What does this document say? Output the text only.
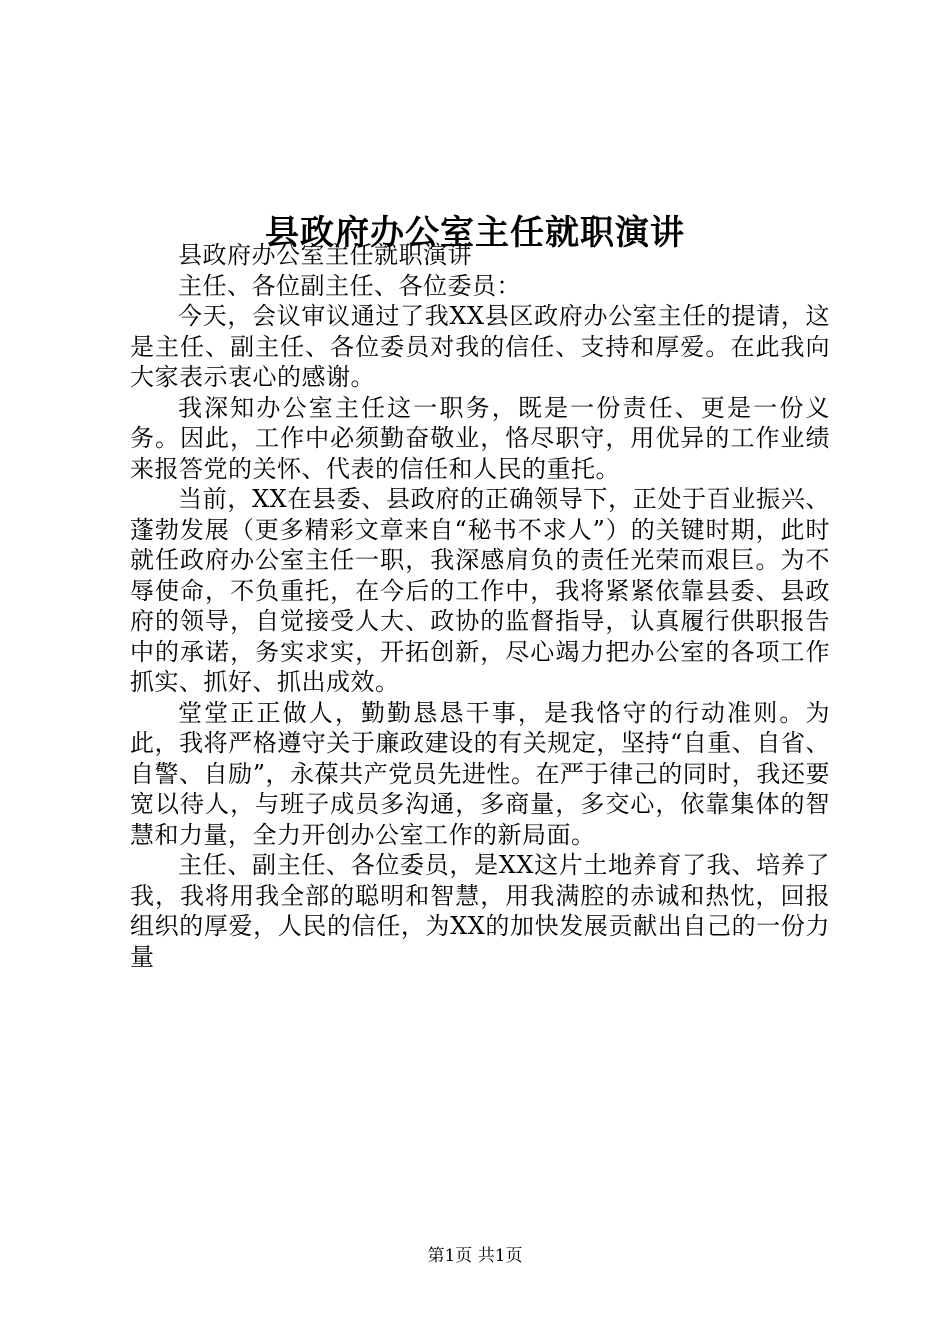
县政府办公室主任就职演讲

县政府办公室主任就职演讲

主任、各位副主任、各位委员：

今天，会议审议通过了我XX县区政府办公室主任的提请，这是主任、副主任、各位委员对我的信任、支持和厚爱。在此我向大家表示衷心的感谢。

我深知办公室主任这一职务，既是一份责任、更是一份义务。因此，工作中必须勤奋敬业，恪尽职守，用优异的工作业绩来报答党的关怀、代表的信任和人民的重托。

当前，XX在县委、县政府的正确领导下，正处于百业振兴、蓬勃发展（更多精彩文章来自“秘书不求人”）的关键时期，此时就任政府办公室主任一职，我深感肩负的责任光荣而艰巨。为不辱使命，不负重托，在今后的工作中，我将紧紧依靠县委、县政府的领导，自觉接受人大、政协的监督指导，认真履行供职报告中的承诺，务实求实，开拓创新，尽心竭力把办公室的各项工作抓实、抓好、抓出成效。

堂堂正正做人，勤勤恳恳干事，是我恪守的行动准则。为此，我将严格遵守关于廉政建设的有关规定，坚持“自重、自省、自警、自励”，永葆共产党员先进性。在严于律己的同时，我还要宽以待人，与班子成员多沟通，多商量，多交心，依靠集体的智慧和力量，全力开创办公室工作的新局面。

主任、副主任、各位委员，是XX这片土地养育了我、培养了我，我将用我全部的聪明和智慧，用我满腔的赤诚和热忱，回报组织的厚爱，人民的信任，为XX的加快发展贡献出自己的一份力量

第1页 共1页
